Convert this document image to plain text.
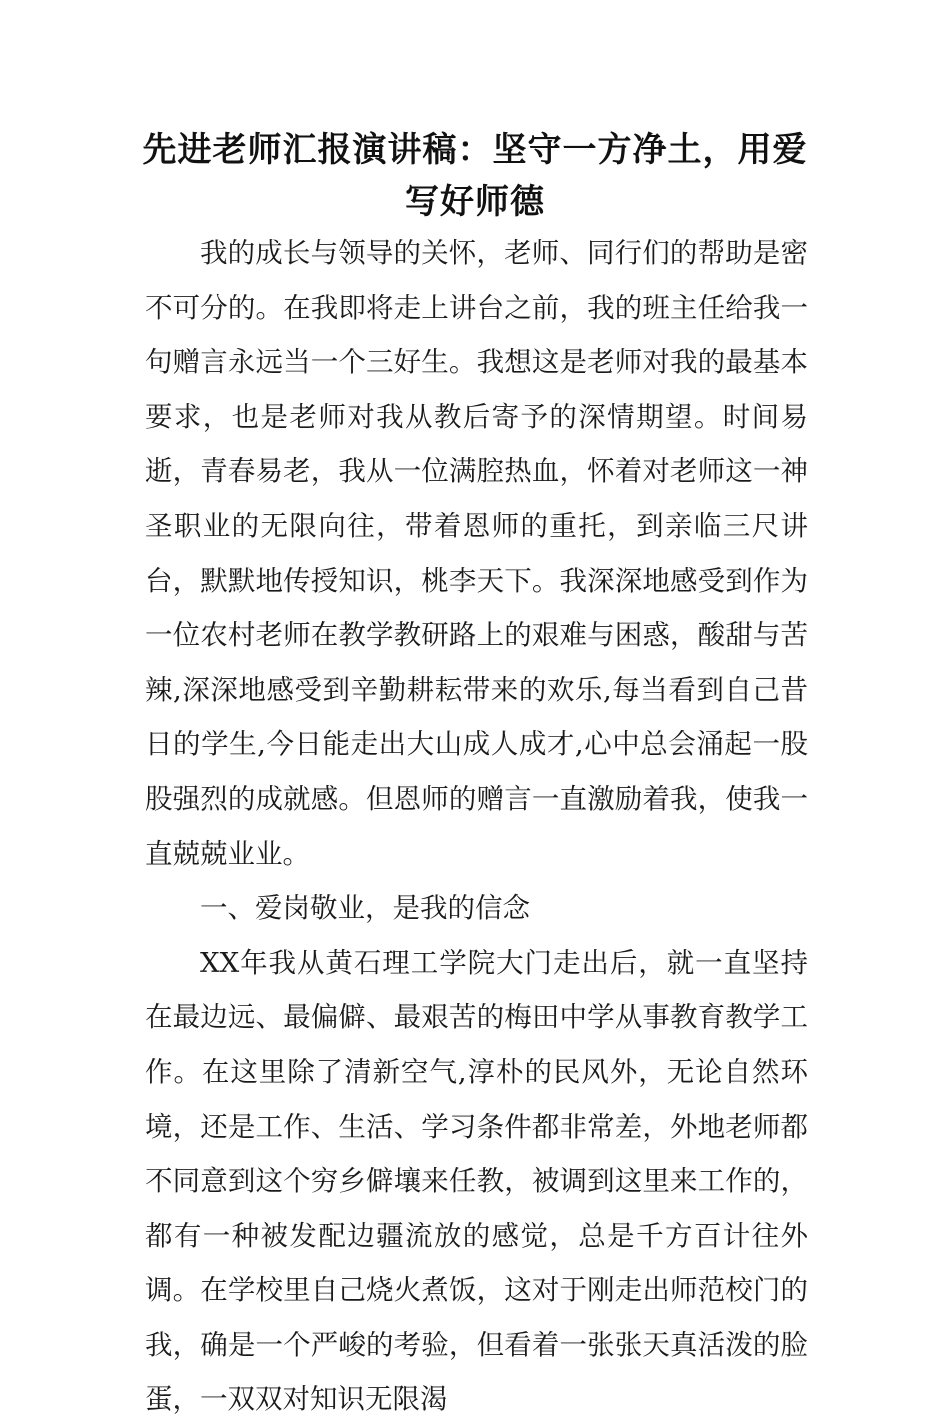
先进老师汇报演讲稿：坚守一方净土，用爱写好师德

我的成长与领导的关怀，老师、同行们的帮助是密不可分的。在我即将走上讲台之前，我的班主任给我一句赠言永远当一个三好生。我想这是老师对我的最基本要求，也是老师对我从教后寄予的深情期望。时间易逝，青春易老，我从一位满腔热血，怀着对老师这一神圣职业的无限向往，带着恩师的重托，到亲临三尺讲台，默默地传授知识，桃李天下。我深深地感受到作为一位农村老师在教学教研路上的艰难与困惑，酸甜与苦辣,深深地感受到辛勤耕耘带来的欢乐,每当看到自己昔日的学生,今日能走出大山成人成才,心中总会涌起一股股强烈的成就感。但恩师的赠言一直激励着我，使我一直兢兢业业。

一、爱岗敬业，是我的信念

XX年我从黄石理工学院大门走出后，就一直坚持在最边远、最偏僻、最艰苦的梅田中学从事教育教学工作。在这里除了清新空气,淳朴的民风外，无论自然环境，还是工作、生活、学习条件都非常差，外地老师都不同意到这个穷乡僻壤来任教，被调到这里来工作的，都有一种被发配边疆流放的感觉，总是千方百计往外调。在学校里自己烧火煮饭，这对于刚走出师范校门的我，确是一个严峻的考验，但看着一张张天真活泼的脸蛋，一双双对知识无限渴
